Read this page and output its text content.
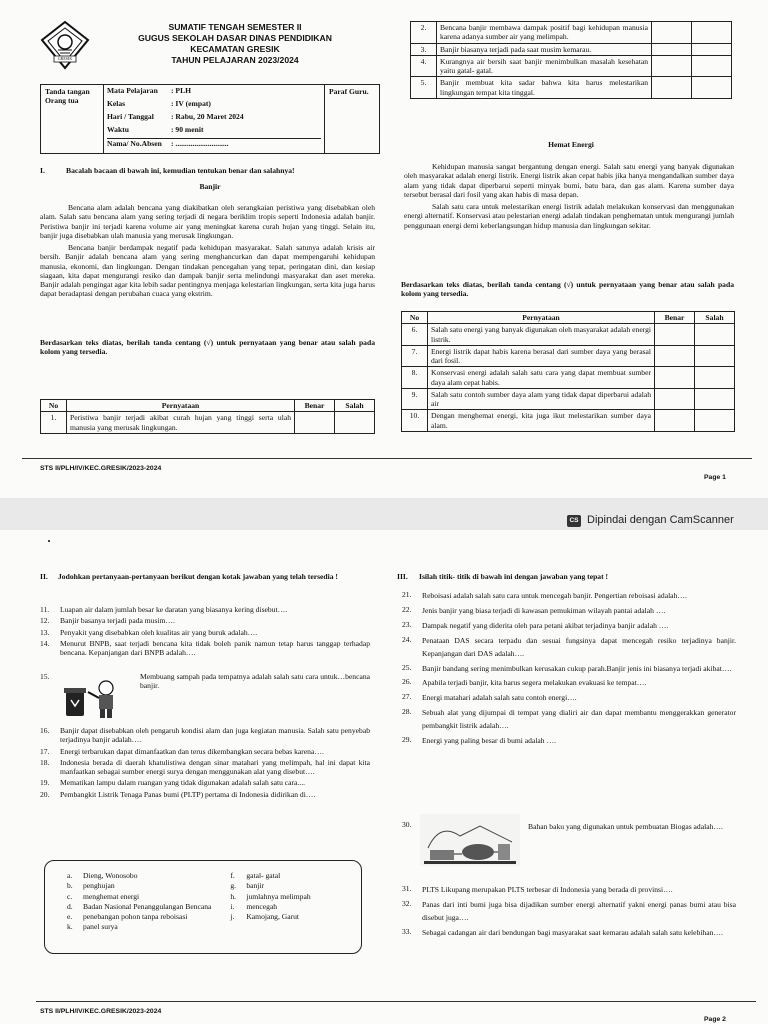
GRESIK
SUMATIF TENGAH SEMESTER II
GUGUS SEKOLAH DASAR DINAS PENDIDIKAN
KECAMATAN GRESIK
TAHUN PELAJARAN 2023/2024
Tanda tangan Orang tua
Paraf Guru.
Mata Pelajaran	: PLH
Kelas	: IV (empat)
Hari / Tanggal	: Rabu, 20 Maret 2024
Waktu	: 90 menit
Nama/ No.Absen	: ............................
I.	Bacalah bacaan di bawah ini, kemudian tentukan benar dan salahnya!
Banjir

Bencana alam adalah bencana yang diakibatkan oleh serangkaian peristiwa yang disebabkan oleh alam. Salah satu bencana alam yang sering terjadi di negara beriklim tropis seperti Indonesia adalah banjir. Peristiwa banjir ini terjadi karena volume air yang meningkat karena curah hujan yang tinggi. Selain itu, banjir juga disebabkan ulah manusia yang merusak lingkungan.

Bencana banjir berdampak negatif pada kehidupan masyarakat. Salah satunya adalah krisis air bersih. Banjir adalah bencana alam yang sering menghancurkan dan dapat mempengaruhi kehidupan manusia, ekonomi, dan lingkungan. Dengan tindakan pencegahan yang tepat, peringatan dini, dan kesiap siagaan, kita dapat mengurangi resiko dan dampak banjir serta melindungi masyarakat dan aset mereka. Banjir adalah pengingat agar kita lebih sadar pentingnya menjaga kelestarian lingkungan, serta kita juga harus dapat beradaptasi dengan perubahan cuaca yang ekstrim.

Berdasarkan teks diatas, berilah tanda centang (√) untuk pernyataan yang benar atau salah pada kolom yang tersedia.
No	Pernyataan	Benar	Salah
1.	Peristiwa banjir terjadi akibat curah hujan yang tinggi serta ulah manusia yang merusak lingkungan.		
2.	Bencana banjir membawa dampak positif bagi kehidupan manusia karena adanya sumber air yang melimpah.		
3.	Banjir biasanya terjadi pada saat musim kemarau.		
4.	Kurangnya air bersih saat banjir menimbulkan masalah kesehatan yaitu gatal- gatal.		
5.	Banjir membuat kita sadar bahwa kita harus melestarikan lingkungan tempat kita tinggal.		
Hemat Energi

Kehidupan manusia sangat bergantung dengan energi. Salah satu energi yang banyak digunakan oleh masyarakat adalah energi listrik. Energi listrik akan cepat habis jika hanya mengandalkan sumber daya alam yang tidak dapat diperbarui seperti minyak bumi, batu bara, dan gas alam. Karena sumber daya tersebut berasal dari fosil yang akan habis di masa depan.

Salah satu cara untuk melestarikan energi listrik adalah melakukan konservasi dan menggunakan energi alternatif. Konservasi atau pelestarian energi adalah tindakan penghematan untuk mengurangi jumlah penggunaan energi demi keberlangsungan hidup manusia dan lingkungan sekitar.

Berdasarkan teks diatas, berilah tanda centang (√) untuk pernyataan yang benar atau salah pada kolom yang tersedia.
No	Pernyataan	Benar	Salah
6.	Salah satu energi yang banyak digunakan oleh masyarakat adalah energi listrik.		
7.	Energi listrik dapat habis karena berasal dari sumber daya yang berasal dari fosil.		
8.	Konservasi energi adalah salah satu cara yang dapat membuat sumber daya alam cepat habis.		
9.	Salah satu contoh sumber daya alam yang tidak dapat diperbarui adalah air		
10.	Dengan menghemat energi, kita juga ikut melestarikan sumber daya alam.		
STS II/PLH/IV/KEC.GRESIK/2023-2024
Page 1
CS Dipindai dengan CamScanner
II.	Jodohkan pertanyaan-pertanyaan berikut dengan kotak jawaban yang telah tersedia !
11.	Luapan air dalam jumlah besar ke daratan yang biasanya kering disebut….
12.	Banjir basanya terjadi pada musim….
13.	Penyakit yang disebabkan oleh kualitas air yang buruk adalah….
14.	Menurut BNPB, saat terjadi bencana kita tidak boleh panik namun tetap harus tanggap terhadap bencana. Kepanjangan dari BNPB adalah….
15.	Membuang sampah pada tempatnya adalah salah satu cara untuk…bencana banjir.
16.	Banjir dapat disebabkan oleh pengaruh kondisi alam dan juga kegiatan manusia. Salah satu penyebab terjadinya banjir adalah….
17.	Energi terbarukan dapat dimanfaatkan dan terus dikembangkan secara bebas karena….
18.	Indonesia berada di daerah khatulistiwa dengan sinar matahari yang melimpah, hal ini dapat kita manfaatkan sebagai sumber energi surya dengan menggunakan alat yang disebut….
19.	Mematikan lampu dalam ruangan yang tidak digunakan adalah salah satu cara....
20.	Pembangkit Listrik Tenaga Panas bumi (PLTP) pertama di Indonesia didirikan di….
a.	Dieng, Wonosobo
b.	penghujan
c.	menghemat energi
d.	Badan Nasional Penanggulangan Bencana
e.	penebangan pohon tanpa reboisasi
k.	panel surya
f.	gatal- gatal
g.	banjir
h.	jumlahnya melimpah
i.	mencegah
j.	Kamojang, Garut
III.	Isilah titik- titik di bawah ini dengan jawaban yang tepat !
21.	Reboisasi adalah salah satu cara untuk mencegah banjir. Pengertian reboisasi adalah….
22.	Jenis banjir yang biasa terjadi di kawasan pemukiman wilayah pantai adalah ….
23.	Dampak negatif yang diderita oleh para petani akibat terjadinya banjir adalah ….
24.	Penataan DAS secara terpadu dan sesuai fungsinya dapat mencegah resiko terjadinya banjir. Kepanjangan dari DAS adalah….
25.	Banjir bandang sering menimbulkan kerusakan cukup parah.Banjir jenis ini biasanya terjadi akibat….
26.	Apabila terjadi banjir, kita harus segera melakukan evakuasi ke tempat….
27.	Energi matahari adalah salah satu contoh energi….
28.	Sebuah alat yang dijumpai di tempat yang dialiri air dan dapat membantu menggerakkan generator pembangkit listrik adalah….
29.	Energi yang paling besar di bumi adalah ….
30.	Bahan baku yang digunakan untuk pembuatan Biogas adalah….
31.	PLTS Likupang merupakan PLTS terbesar di Indonesia yang berada di provinsi….
32.	Panas dari inti bumi juga bisa dijadikan sumber energi alternatif yakni energi panas bumi atau bisa disebut juga….
33.	Sebagai cadangan air dari bendungan bagi masyarakat saat kemarau adalah salah satu kelebihan….
STS II/PLH/IV/KEC.GRESIK/2023-2024
Page 2
